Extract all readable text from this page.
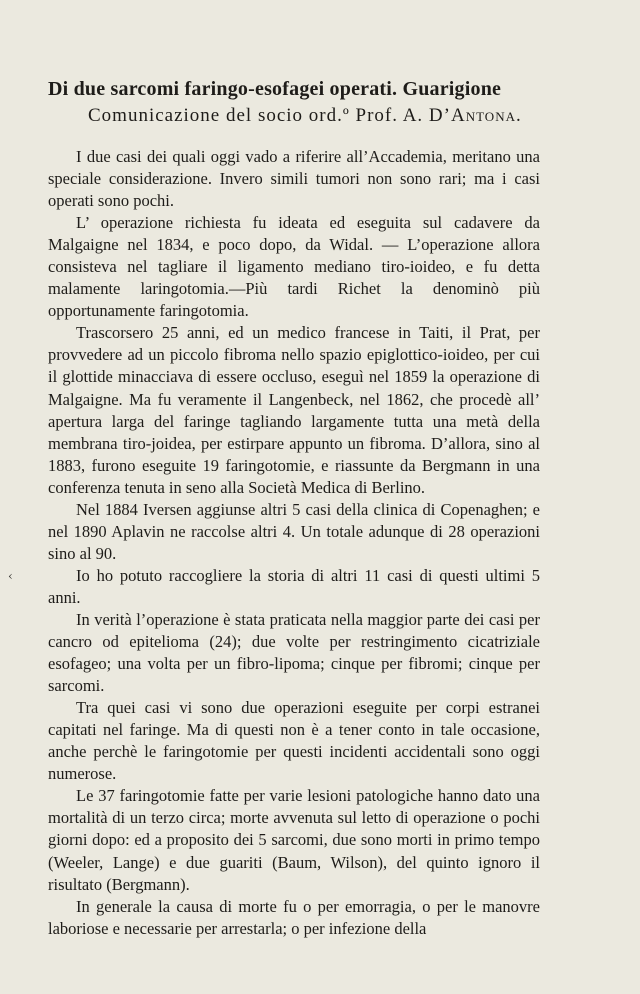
Di due sarcomi faringo-esofagei operati. Guarigione
Comunicazione del socio ord.º Prof. A. D’Antona.

I due casi dei quali oggi vado a riferire all’Accademia, meritano una speciale considerazione. Invero simili tumori non sono rari; ma i casi operati sono pochi.

L’ operazione richiesta fu ideata ed eseguita sul cadavere da Malgaigne nel 1834, e poco dopo, da Widal. — L’operazione allora consisteva nel tagliare il ligamento mediano tiro-ioideo, e fu detta malamente laringotomia.—Più tardi Richet la denominò più opportunamente faringotomia.

Trascorsero 25 anni, ed un medico francese in Taiti, il Prat, per provvedere ad un piccolo fibroma nello spazio epiglottico-ioideo, per cui il glottide minacciava di essere occluso, eseguì nel 1859 la operazione di Malgaigne. Ma fu veramente il Langenbeck, nel 1862, che procedè all’ apertura larga del faringe tagliando largamente tutta una metà della membrana tiro-joidea, per estirpare appunto un fibroma. D’allora, sino al 1883, furono eseguite 19 faringotomie, e riassunte da Bergmann in una conferenza tenuta in seno alla Società Medica di Berlino.

Nel 1884 Iversen aggiunse altri 5 casi della clinica di Copenaghen; e nel 1890 Aplavin ne raccolse altri 4. Un totale adunque di 28 operazioni sino al 90.

Io ho potuto raccogliere la storia di altri 11 casi di questi ultimi 5 anni.

In verità l’operazione è stata praticata nella maggior parte dei casi per cancro od epitelioma (24); due volte per restringimento cicatriziale esofageo; una volta per un fibro-lipoma; cinque per fibromi; cinque per sarcomi.

Tra quei casi vi sono due operazioni eseguite per corpi estranei capitati nel faringe. Ma di questi non è a tener conto in tale occasione, anche perchè le faringotomie per questi incidenti accidentali sono oggi numerose.

Le 37 faringotomie fatte per varie lesioni patologiche hanno dato una mortalità di un terzo circa; morte avvenuta sul letto di operazione o pochi giorni dopo: ed a proposito dei 5 sarcomi, due sono morti in primo tempo (Weeler, Lange) e due guariti (Baum, Wilson), del quinto ignoro il risultato (Bergmann).

In generale la causa di morte fu o per emorragia, o per le manovre laboriose e necessarie per arrestarla; o per infezione della

‹
